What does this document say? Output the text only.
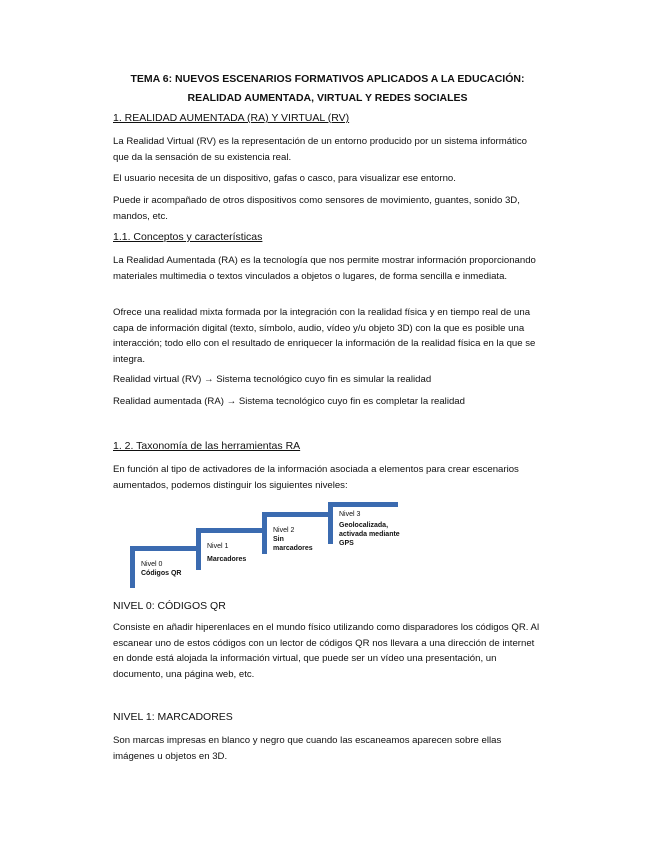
TEMA 6: NUEVOS ESCENARIOS FORMATIVOS APLICADOS A LA EDUCACIÓN:
REALIDAD AUMENTADA, VIRTUAL Y REDES SOCIALES
1. REALIDAD AUMENTADA (RA) Y VIRTUAL (RV)
La Realidad Virtual (RV) es la representación de un entorno producido por un sistema informático que da la sensación de su existencia real.
El usuario necesita de un dispositivo, gafas o casco, para visualizar ese entorno.
Puede ir acompañado de otros dispositivos como sensores de movimiento, guantes, sonido 3D, mandos, etc.
1.1. Conceptos y características
La Realidad Aumentada (RA) es la tecnología que nos permite mostrar información proporcionando materiales multimedia o textos vinculados a objetos o lugares, de forma sencilla e inmediata.
Ofrece una realidad mixta formada por la integración con la realidad física y en tiempo real de una capa de información digital (texto, símbolo, audio, vídeo y/u objeto 3D) con la que es posible una interacción; todo ello con el resultado de enriquecer la información de la realidad física en la que se integra.
Realidad virtual (RV) → Sistema tecnológico cuyo fin es simular la realidad
Realidad aumentada (RA) → Sistema tecnológico cuyo fin es completar la realidad
1. 2. Taxonomía de las herramientas RA
En función al tipo de activadores de la información asociada a elementos para crear escenarios aumentados, podemos distinguir los siguientes niveles:
Nivel 0
Códigos QR
Nivel 1
Marcadores
Nivel 2
Sin marcadores
Nivel 3
Geolocalizada, activada mediante GPS
NIVEL 0: CÓDIGOS QR
Consiste en añadir hiperenlaces en el mundo físico utilizando como disparadores los códigos QR. Al escanear uno de estos códigos con un lector de códigos QR nos llevara a una dirección de internet en donde está alojada la información virtual, que puede ser un vídeo una presentación, un documento, una página web, etc.
NIVEL 1: MARCADORES
Son marcas impresas en blanco y negro que cuando las escaneamos aparecen sobre ellas imágenes u objetos en 3D.
